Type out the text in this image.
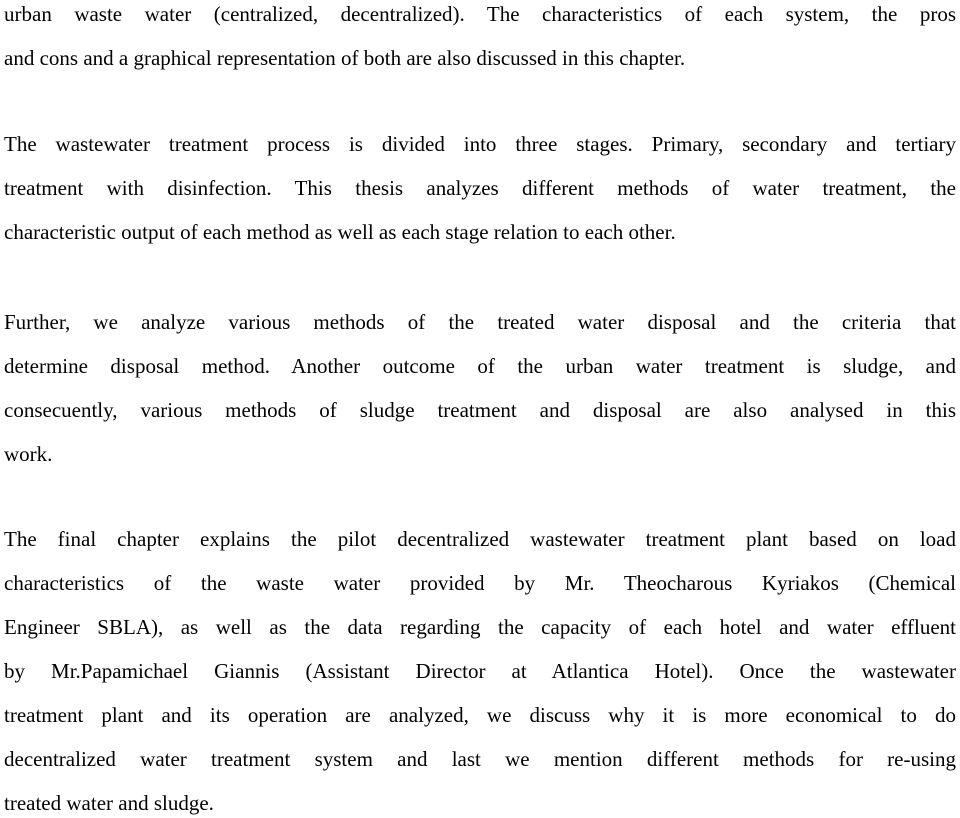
urban waste water (centralized, decentralized). The characteristics of each system, the pros
and cons and a graphical representation of both are also discussed in this chapter.
The wastewater treatment process is divided into three stages. Primary, secondary and tertiary
treatment with disinfection. This thesis analyzes different methods of water treatment, the
characteristic output of each method as well as each stage relation to each other.
Further, we analyze various methods of the treated water disposal and the criteria that
determine disposal method. Another outcome of the urban water treatment is sludge, and
consecuently, various methods of sludge treatment and disposal are also analysed in this
work.
The final chapter explains the pilot decentralized wastewater treatment plant based on load
characteristics of the waste water provided by Mr. Theocharous Kyriakos (Chemical
Engineer SBLA), as well as the data regarding the capacity of each hotel and water effluent
by Mr.Papamichael Giannis (Assistant Director at Atlantica Hotel). Once the wastewater
treatment plant and its operation are analyzed, we discuss why it is more economical to do
decentralized water treatment system and last we mention different methods for re-using
treated water and sludge.
